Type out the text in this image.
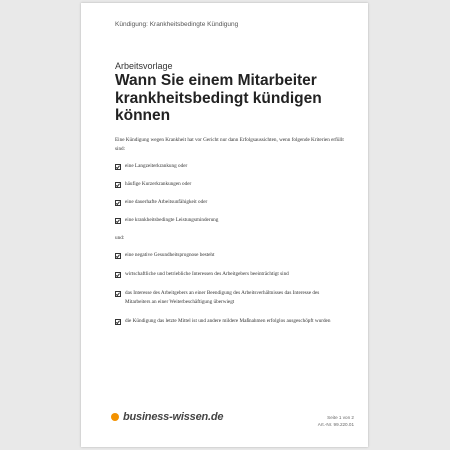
Kündigung: Krankheitsbedingte Kündigung
Arbeitsvorlage
Wann Sie einem Mitarbeiter krankheitsbedingt kündigen können

Eine Kündigung wegen Krankheit hat vor Gericht nur dann Erfolgsaussichten, wenn folgende Kriterien erfüllt sind:

eine Langzeiterkrankung oder
häufige Kurzerkrankungen oder
eine dauerhafte Arbeitsunfähigkeit oder
eine krankheitsbedingte Leistungsminderung

und:

eine negative Gesundheitsprognose besteht
wirtschaftliche und betriebliche Interessen des Arbeitgebers beeinträchtigt sind
das Interesse des Arbeitgebers an einer Beendigung des Arbeitsverhältnisses das Interesse des Mitarbeiters an einer Weiterbeschäftigung überwiegt
die Kündigung das letzte Mittel ist und andere mildere Maßnahmen erfolglos ausgeschöpft wurden
business-wissen.de	Seite 1 von 2
Art.-Nr. 99.220.01
